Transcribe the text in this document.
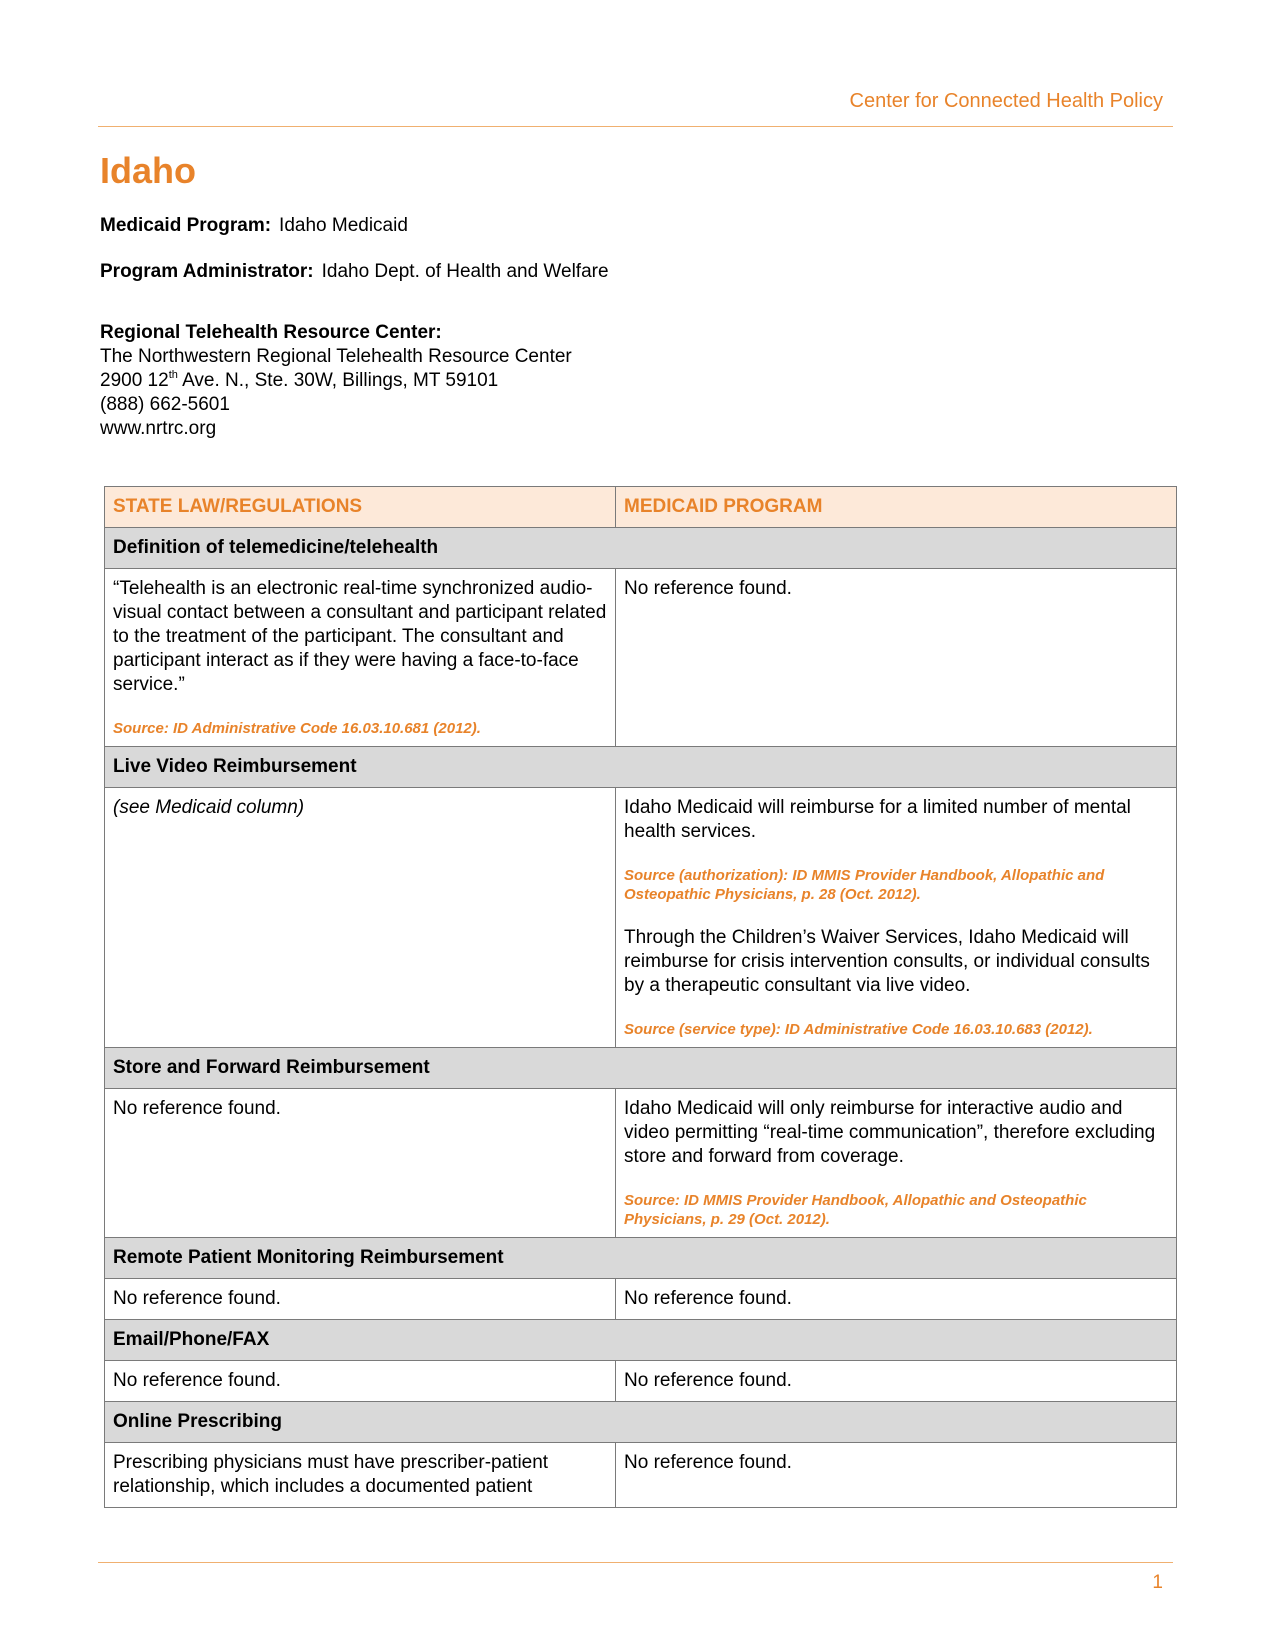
Center for Connected Health Policy
Idaho
Medicaid Program: Idaho Medicaid
Program Administrator: Idaho Dept. of Health and Welfare
Regional Telehealth Resource Center:
The Northwestern Regional Telehealth Resource Center
2900 12th Ave. N., Ste. 30W, Billings, MT 59101
(888) 662-5601
www.nrtrc.org
STATE LAW/REGULATIONS	MEDICAID PROGRAM
Definition of telemedicine/telehealth	

“Telehealth is an electronic real-time synchronized audio-visual contact between a consultant and participant related to the treatment of the participant. The consultant and participant interact as if they were having a face-to-face service.”
Source: ID Administrative Code 16.03.10.681 (2012).	No reference found.
Live Video Reimbursement	
(see Medicaid column)	Idaho Medicaid will reimburse for a limited number of mental health services.
Source (authorization): ID MMIS Provider Handbook, Allopathic and Osteopathic Physicians, p. 28 (Oct. 2012).
Through the Children’s Waiver Services, Idaho Medicaid will reimburse for crisis intervention consults, or individual consults by a therapeutic consultant via live video.
Source (service type): ID Administrative Code 16.03.10.683 (2012).

Store and Forward Reimbursement	
No reference found.	Idaho Medicaid will only reimburse for interactive audio and video permitting “real-time communication”, therefore excluding store and forward from coverage.
Source: ID MMIS Provider Handbook, Allopathic and Osteopathic Physicians, p. 29 (Oct. 2012).

Remote Patient Monitoring Reimbursement	
No reference found.	No reference found.
Email/Phone/FAX	
No reference found.	No reference found.
Online Prescribing	
Prescribing physicians must have prescriber-patient relationship, which includes a documented patient	No reference found.
1
